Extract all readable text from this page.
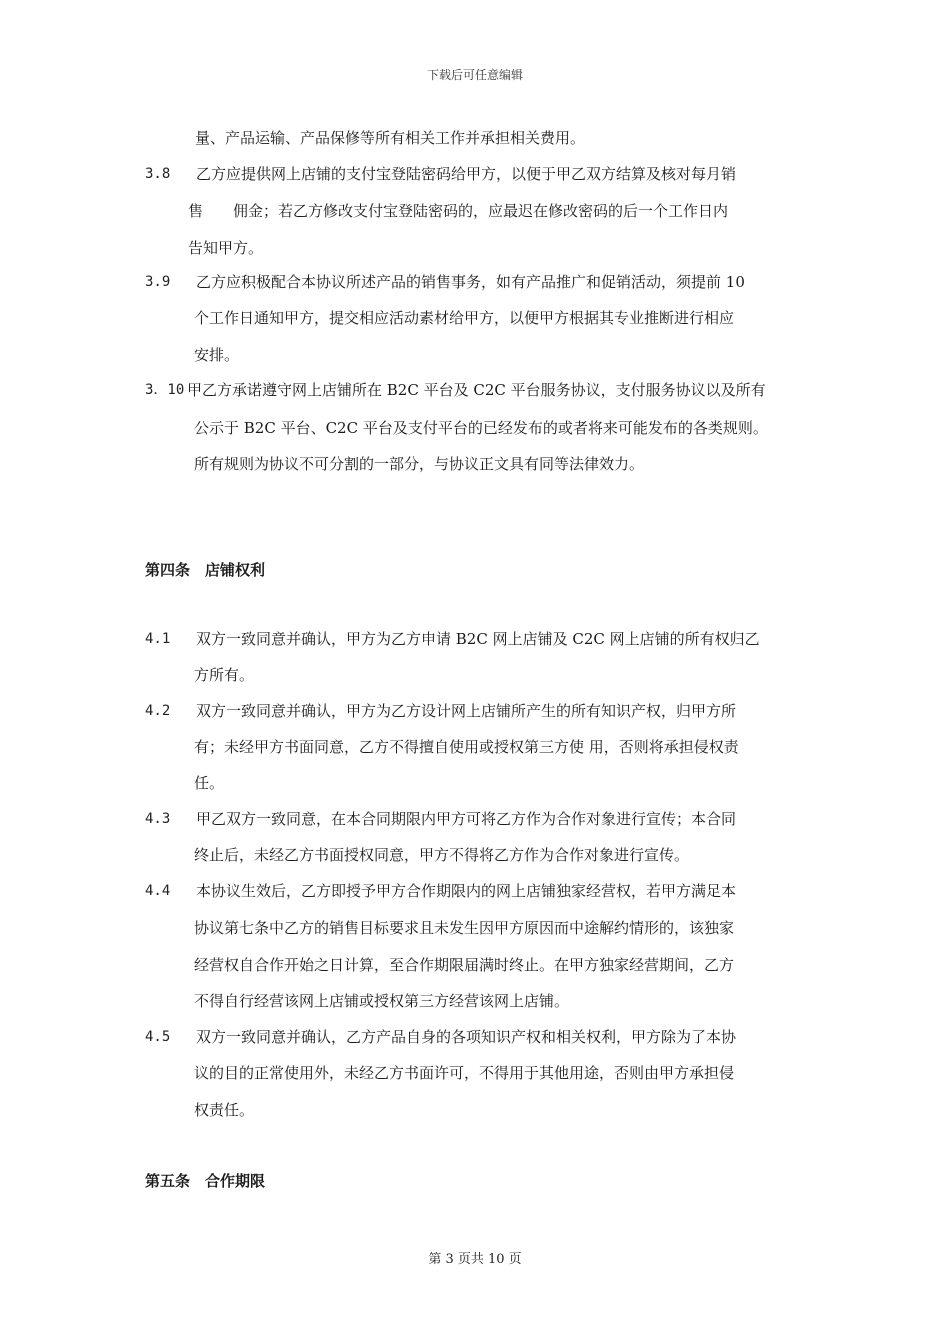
下载后可任意编辑
量、产品运输、产品保修等所有相关工作并承担相关费用。
3.8 乙方应提供网上店铺的支付宝登陆密码给甲方，以便于甲乙双方结算及核对每月销
售　　佣金；若乙方修改支付宝登陆密码的，应最迟在修改密码的后一个工作日内
告知甲方。
3.9 乙方应积极配合本协议所述产品的销售事务，如有产品推广和促销活动，须提前 10
个工作日通知甲方，提交相应活动素材给甲方，以便甲方根据其专业推断进行相应
安排。
3．10 甲乙方承诺遵守网上店铺所在 B2C 平台及 C2C 平台服务协议，支付服务协议以及所有
公示于 B2C 平台、C2C 平台及支付平台的已经发布的或者将来可能发布的各类规则。
所有规则为协议不可分割的一部分，与协议正文具有同等法律效力。
第四条　店铺权利
4.1 双方一致同意并确认，甲方为乙方申请 B2C 网上店铺及 C2C 网上店铺的所有权归乙
方所有。
4.2 双方一致同意并确认，甲方为乙方设计网上店铺所产生的所有知识产权，归甲方所
有；未经甲方书面同意，乙方不得擅自使用或授权第三方使 用，否则将承担侵权责
任。
4.3 甲乙双方一致同意，在本合同期限内甲方可将乙方作为合作对象进行宣传；本合同
终止后，未经乙方书面授权同意，甲方不得将乙方作为合作对象进行宣传。
4.4 本协议生效后，乙方即授予甲方合作期限内的网上店铺独家经营权，若甲方满足本
协议第七条中乙方的销售目标要求且未发生因甲方原因而中途解约情形的，该独家
经营权自合作开始之日计算，至合作期限届满时终止。在甲方独家经营期间，乙方
不得自行经营该网上店铺或授权第三方经营该网上店铺。
4.5 双方一致同意并确认，乙方产品自身的各项知识产权和相关权利，甲方除为了本协
议的目的正常使用外，未经乙方书面许可，不得用于其他用途，否则由甲方承担侵
权责任。
第五条　合作期限
第 3 页共 10 页
